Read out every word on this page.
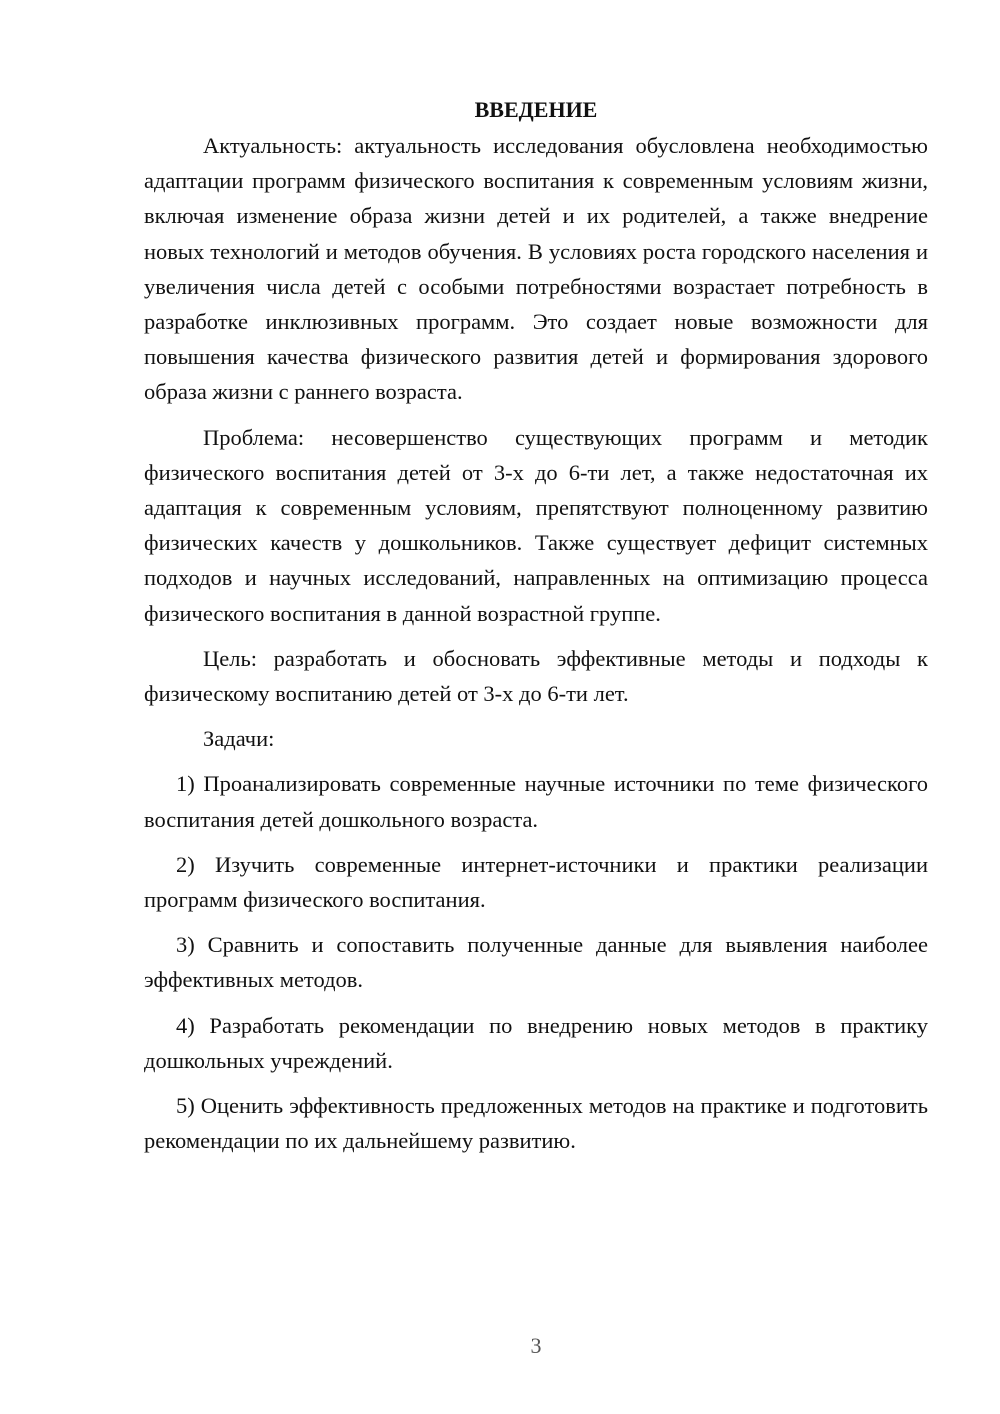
ВВЕДЕНИЕ

Актуальность: актуальность исследования обусловлена необходимостью адаптации программ физического воспитания к современным условиям жизни, включая изменение образа жизни детей и их родителей, а также внедрение новых технологий и методов обучения. В условиях роста городского населения и увеличения числа детей с особыми потребностями возрастает потребность в разработке инклюзивных программ. Это создает новые возможности для повышения качества физического развития детей и формирования здорового образа жизни с раннего возраста.

Проблема: несовершенство существующих программ и методик физического воспитания детей от 3-х до 6-ти лет, а также недостаточная их адаптация к современным условиям, препятствуют полноценному развитию физических качеств у дошкольников. Также существует дефицит системных подходов и научных исследований, направленных на оптимизацию процесса физического воспитания в данной возрастной группе.

Цель: разработать и обосновать эффективные методы и подходы к физическому воспитанию детей от 3-х до 6-ти лет.

Задачи:

1) Проанализировать современные научные источники по теме физического воспитания детей дошкольного возраста.

2) Изучить современные интернет-источники и практики реализации программ физического воспитания.

3) Сравнить и сопоставить полученные данные для выявления наиболее эффективных методов.

4) Разработать рекомендации по внедрению новых методов в практику дошкольных учреждений.

5) Оценить эффективность предложенных методов на практике и подготовить рекомендации по их дальнейшему развитию.

3
